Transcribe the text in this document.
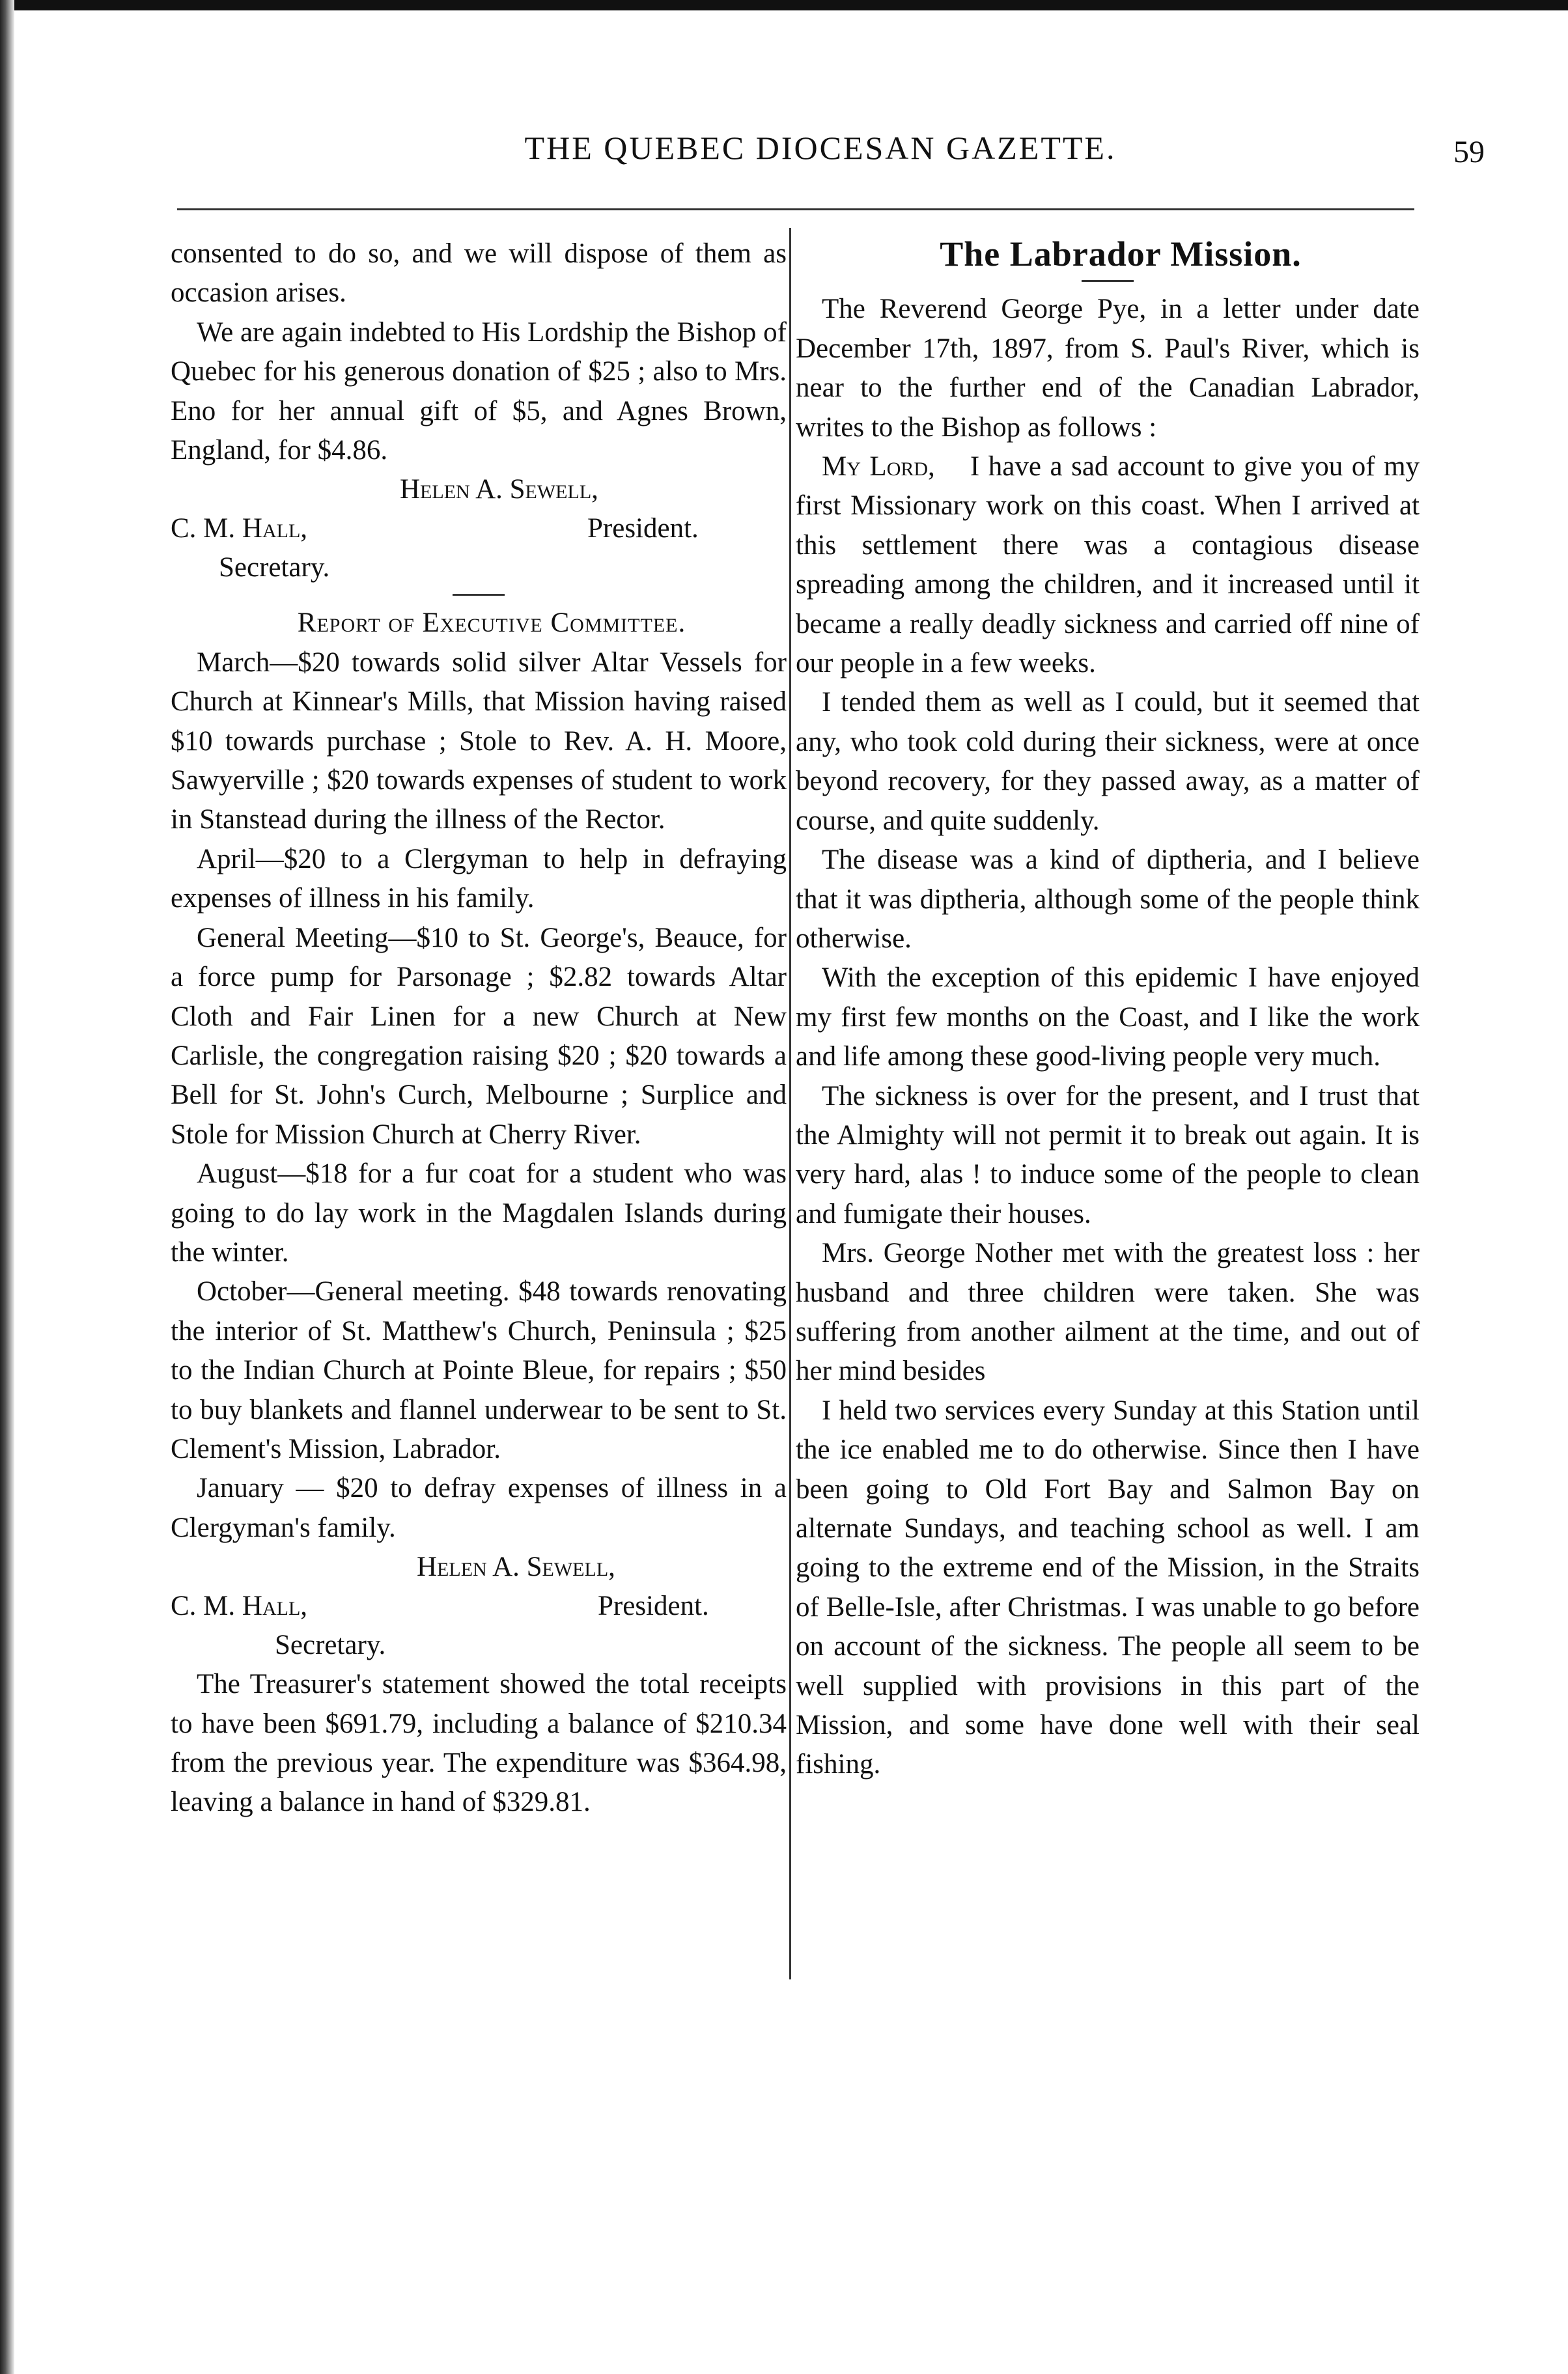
THE QUEBEC DIOCESAN GAZETTE.	59

consented to do so, and we will dispose of them as occasion arises.

We are again indebted to His Lordship the Bishop of Quebec for his generous donation of $25 ; also to Mrs. Eno for her annual gift of $5, and Agnes Brown, England, for $4.86.

Helen A. Sewell,
C. M. Hall,	President.
Secretary.

Report of Executive Committee.

March—$20 towards solid silver Altar Vessels for Church at Kinnear's Mills, that Mission having raised $10 towards purchase ; Stole to Rev. A. H. Moore, Sawyerville ; $20 towards expenses of student to work in Stanstead during the illness of the Rector.

April—$20 to a Clergyman to help in defraying expenses of illness in his family.

General Meeting—$10 to St. George's, Beauce, for a force pump for Parsonage ; $2.82 towards Altar Cloth and Fair Linen for a new Church at New Carlisle, the congregation raising $20 ; $20 towards a Bell for St. John's Curch, Melbourne ; Surplice and Stole for Mission Church at Cherry River.

August—$18 for a fur coat for a student who was going to do lay work in the Magdalen Islands during the winter.

October—General meeting. $48 towards renovating the interior of St. Matthew's Church, Peninsula ; $25 to the Indian Church at Pointe Bleue, for repairs ; $50 to buy blankets and flannel underwear to be sent to St. Clement's Mission, Labrador.

January — $20 to defray expenses of illness in a Clergyman's family.

Helen A. Sewell,
C. M. Hall,	President.
Secretary.

The Treasurer's statement showed the total receipts to have been $691.79, including a balance of $210.34 from the previous year. The expenditure was $364.98, leaving a balance in hand of $329.81.

The Labrador Mission.

The Reverend George Pye, in a letter under date December 17th, 1897, from S. Paul's River, which is near to the further end of the Canadian Labrador, writes to the Bishop as follows :

My Lord, I have a sad account to give you of my first Missionary work on this coast. When I arrived at this settlement there was a contagious disease spreading among the children, and it increased until it became a really deadly sickness and carried off nine of our people in a few weeks.

I tended them as well as I could, but it seemed that any, who took cold during their sickness, were at once beyond recovery, for they passed away, as a matter of course, and quite suddenly.

The disease was a kind of diptheria, and I believe that it was diptheria, although some of the people think otherwise.

With the exception of this epidemic I have enjoyed my first few months on the Coast, and I like the work and life among these good-living people very much.

The sickness is over for the present, and I trust that the Almighty will not permit it to break out again. It is very hard, alas ! to induce some of the people to clean and fumigate their houses.

Mrs. George Nother met with the greatest loss : her husband and three children were taken. She was suffering from another ailment at the time, and out of her mind besides

I held two services every Sunday at this Station until the ice enabled me to do otherwise. Since then I have been going to Old Fort Bay and Salmon Bay on alternate Sundays, and teaching school as well. I am going to the extreme end of the Mission, in the Straits of Belle-Isle, after Christmas. I was unable to go before on account of the sickness. The people all seem to be well supplied with provisions in this part of the Mission, and some have done well with their seal fishing.
